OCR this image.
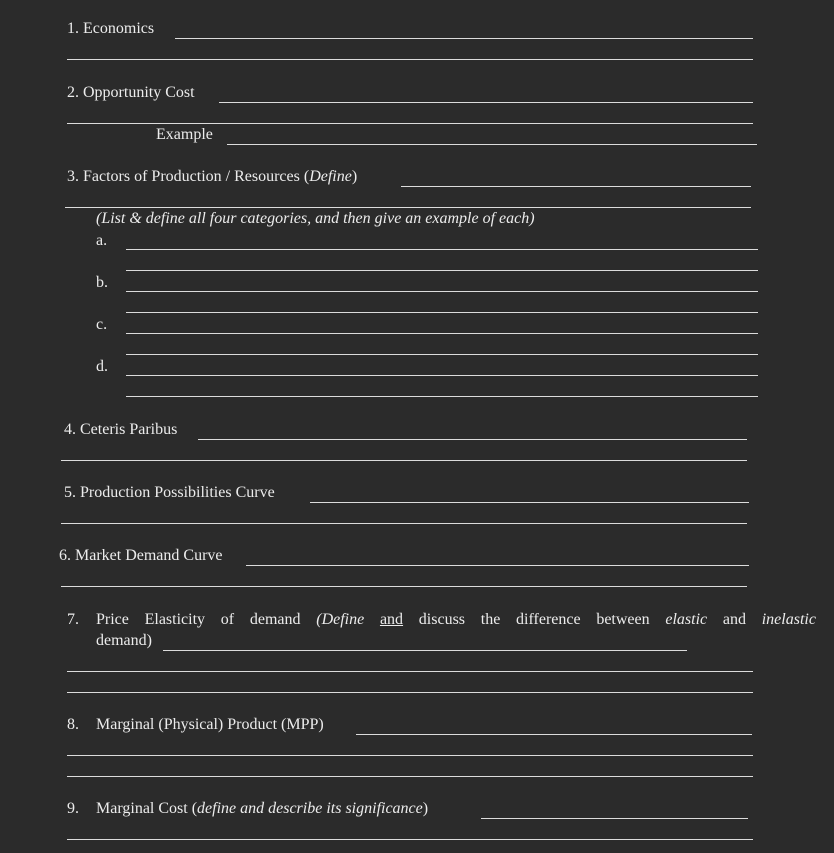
1. Economics
2. Opportunity Cost
Example
3. Factors of Production / Resources (Define)
(List & define all four categories, and then give an example of each)
a.
b.
c.
d.
4. Ceteris Paribus
5. Production Possibilities Curve
6. Market Demand Curve
7. Price Elasticity of demand (Define and discuss the difference between elastic and inelastic
demand)
8. Marginal (Physical) Product (MPP)
9. Marginal Cost (define and describe its significance)
